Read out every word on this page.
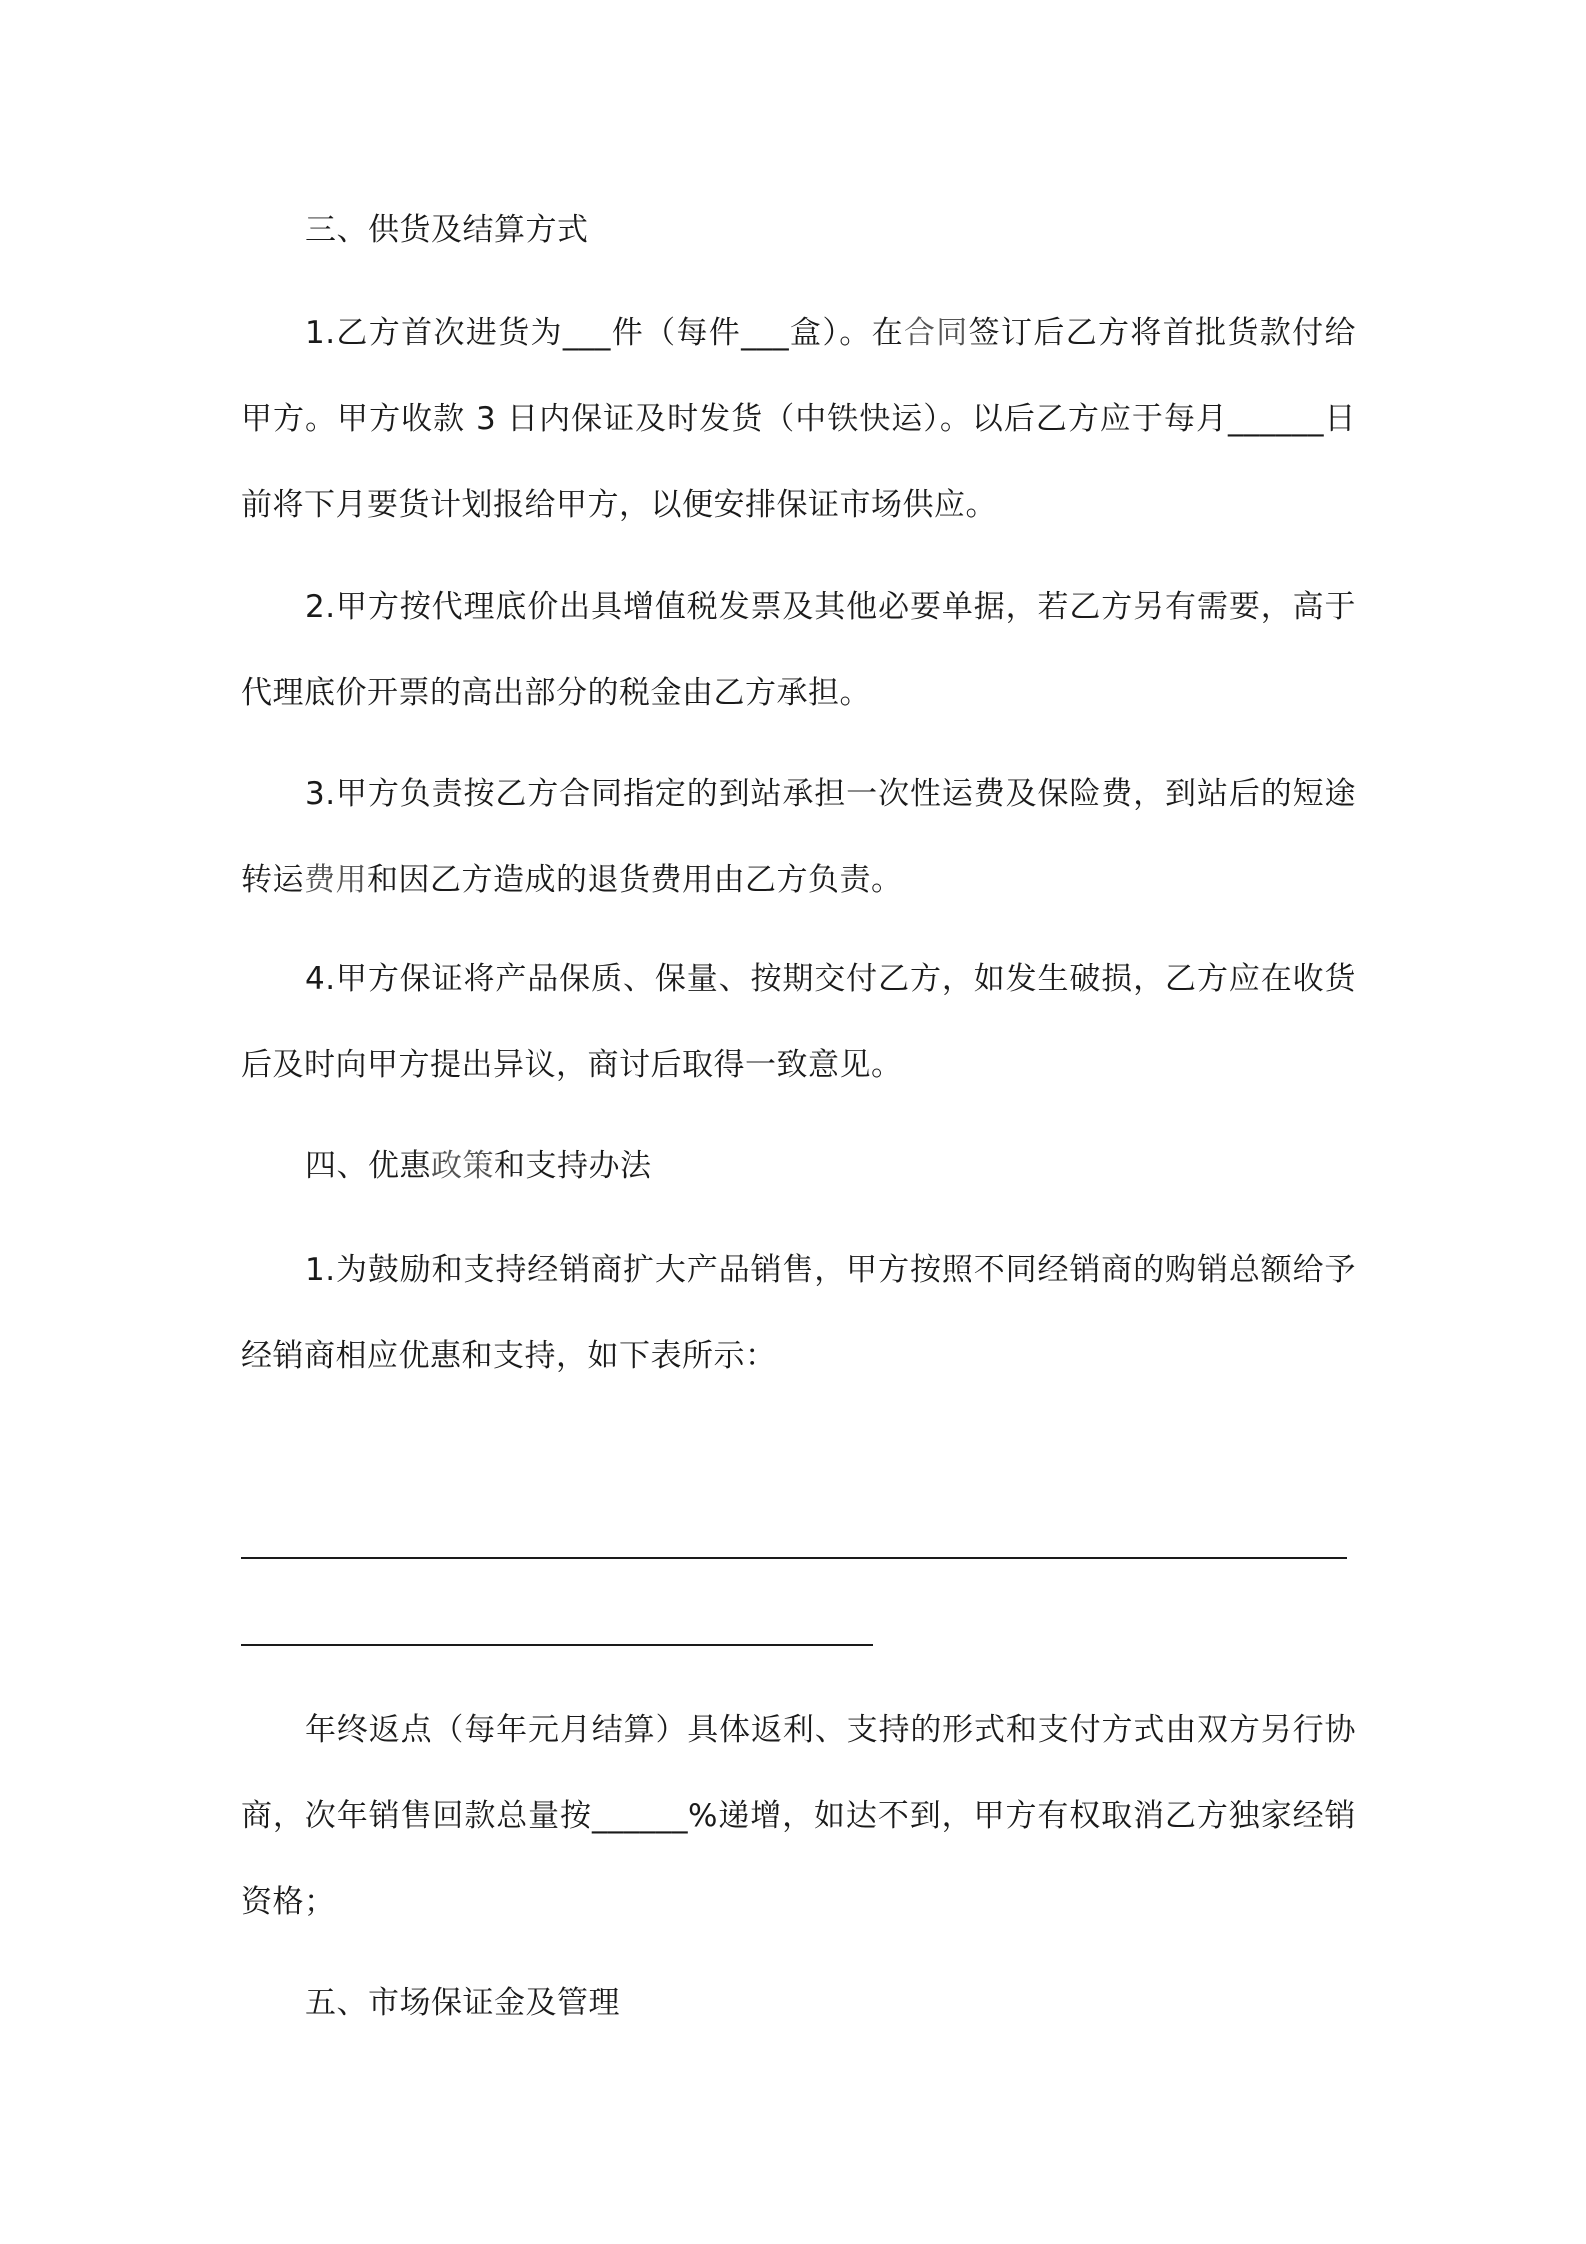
三、供货及结算方式

1.乙方首次进货为___件（每件___盒）。在合同签订后乙方将首批货款付给甲方。甲方收款 3 日内保证及时发货（中铁快运）。以后乙方应于每月______日前将下月要货计划报给甲方，以便安排保证市场供应。

2.甲方按代理底价出具增值税发票及其他必要单据，若乙方另有需要，高于代理底价开票的高出部分的税金由乙方承担。

3.甲方负责按乙方合同指定的到站承担一次性运费及保险费，到站后的短途转运费用和因乙方造成的退货费用由乙方负责。

4.甲方保证将产品保质、保量、按期交付乙方，如发生破损，乙方应在收货后及时向甲方提出异议，商讨后取得一致意见。

四、优惠政策和支持办法

1.为鼓励和支持经销商扩大产品销售，甲方按照不同经销商的购销总额给予经销商相应优惠和支持，如下表所示：

年终返点（每年元月结算）具体返利、支持的形式和支付方式由双方另行协商，次年销售回款总量按______%递增，如达不到，甲方有权取消乙方独家经销资格；

五、市场保证金及管理
